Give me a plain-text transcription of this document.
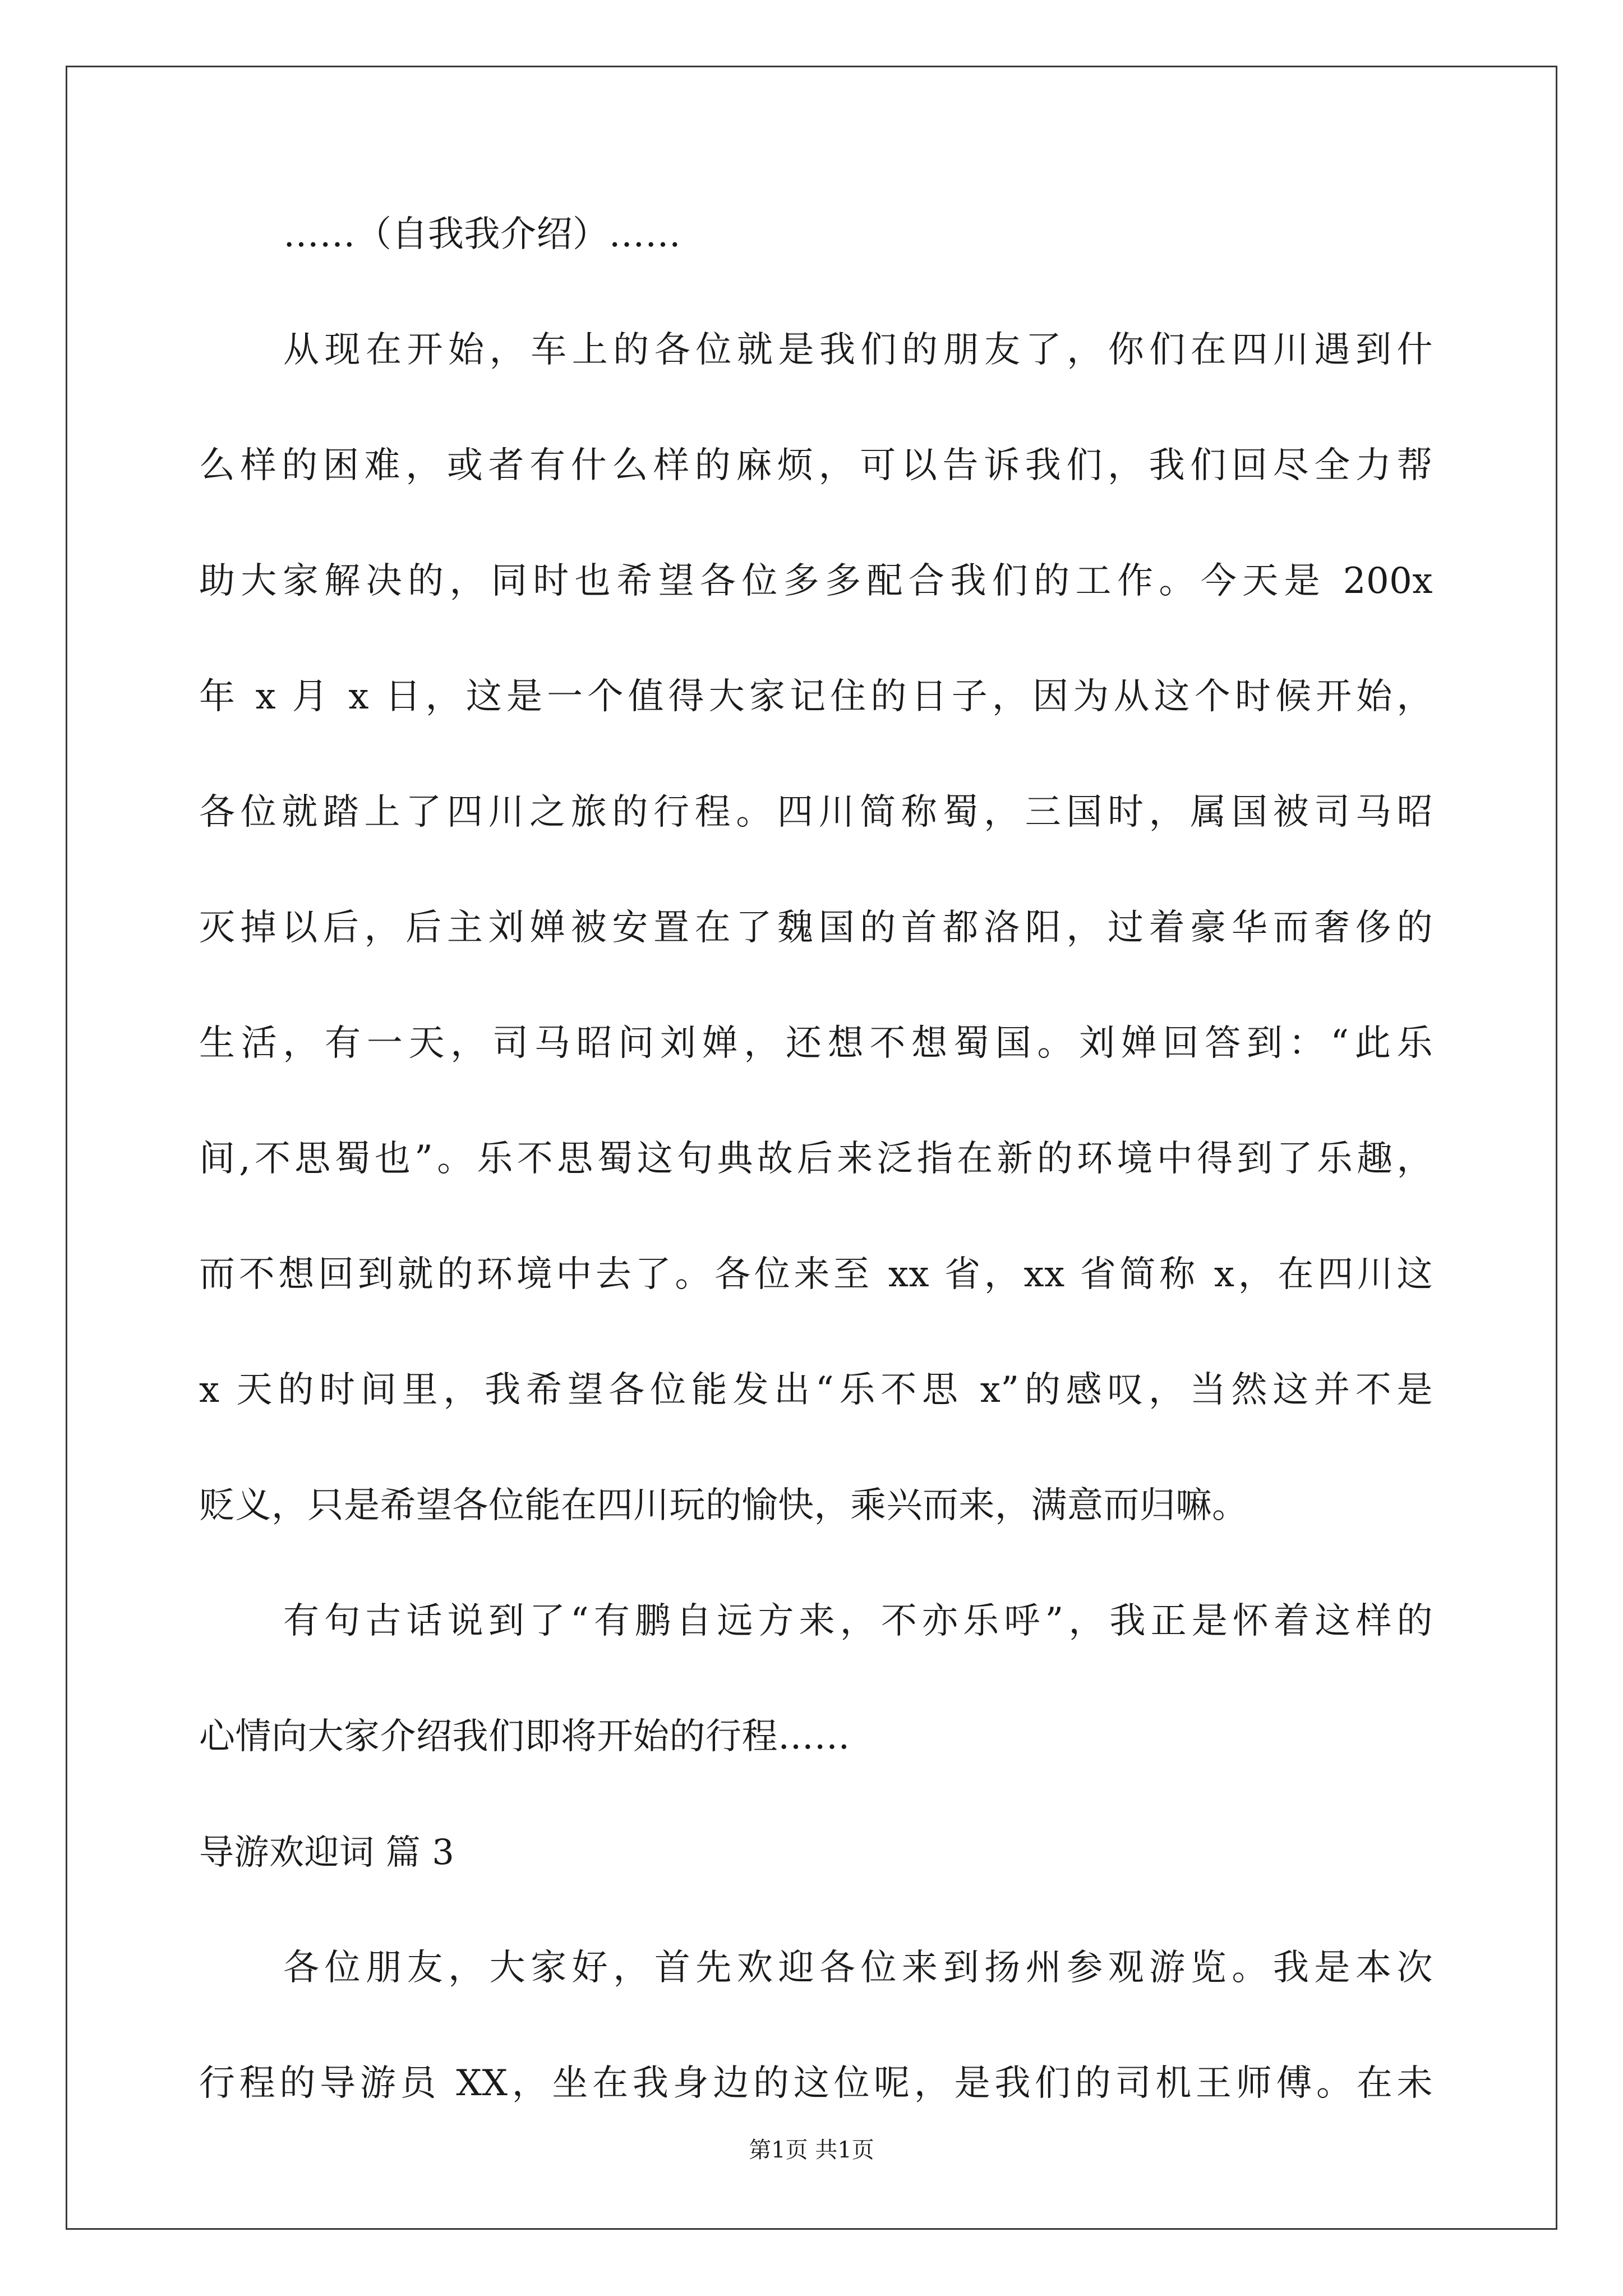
……（自我我介绍）……
从现在开始，车上的各位就是我们的朋友了，你们在四川遇到什
么样的困难，或者有什么样的麻烦，可以告诉我们，我们回尽全力帮
助大家解决的，同时也希望各位多多配合我们的工作。今天是 200x
年 x 月 x 日，这是一个值得大家记住的日子，因为从这个时候开始，
各位就踏上了四川之旅的行程。四川简称蜀，三国时，属国被司马昭
灭掉以后，后主刘婵被安置在了魏国的首都洛阳，过着豪华而奢侈的
生活，有一天，司马昭问刘婵，还想不想蜀国。刘婵回答到：“此乐
间,不思蜀也”。乐不思蜀这句典故后来泛指在新的环境中得到了乐趣，
而不想回到就的环境中去了。各位来至 xx 省，xx 省简称 x，在四川这
x 天的时间里，我希望各位能发出“乐不思 x”的感叹，当然这并不是
贬义，只是希望各位能在四川玩的愉快，乘兴而来，满意而归嘛。
有句古话说到了“有鹏自远方来，不亦乐呼”，我正是怀着这样的
心情向大家介绍我们即将开始的行程……
导游欢迎词 篇 3
各位朋友，大家好，首先欢迎各位来到扬州参观游览。我是本次
行程的导游员 XX，坐在我身边的这位呢，是我们的司机王师傅。在未
第1页 共1页
